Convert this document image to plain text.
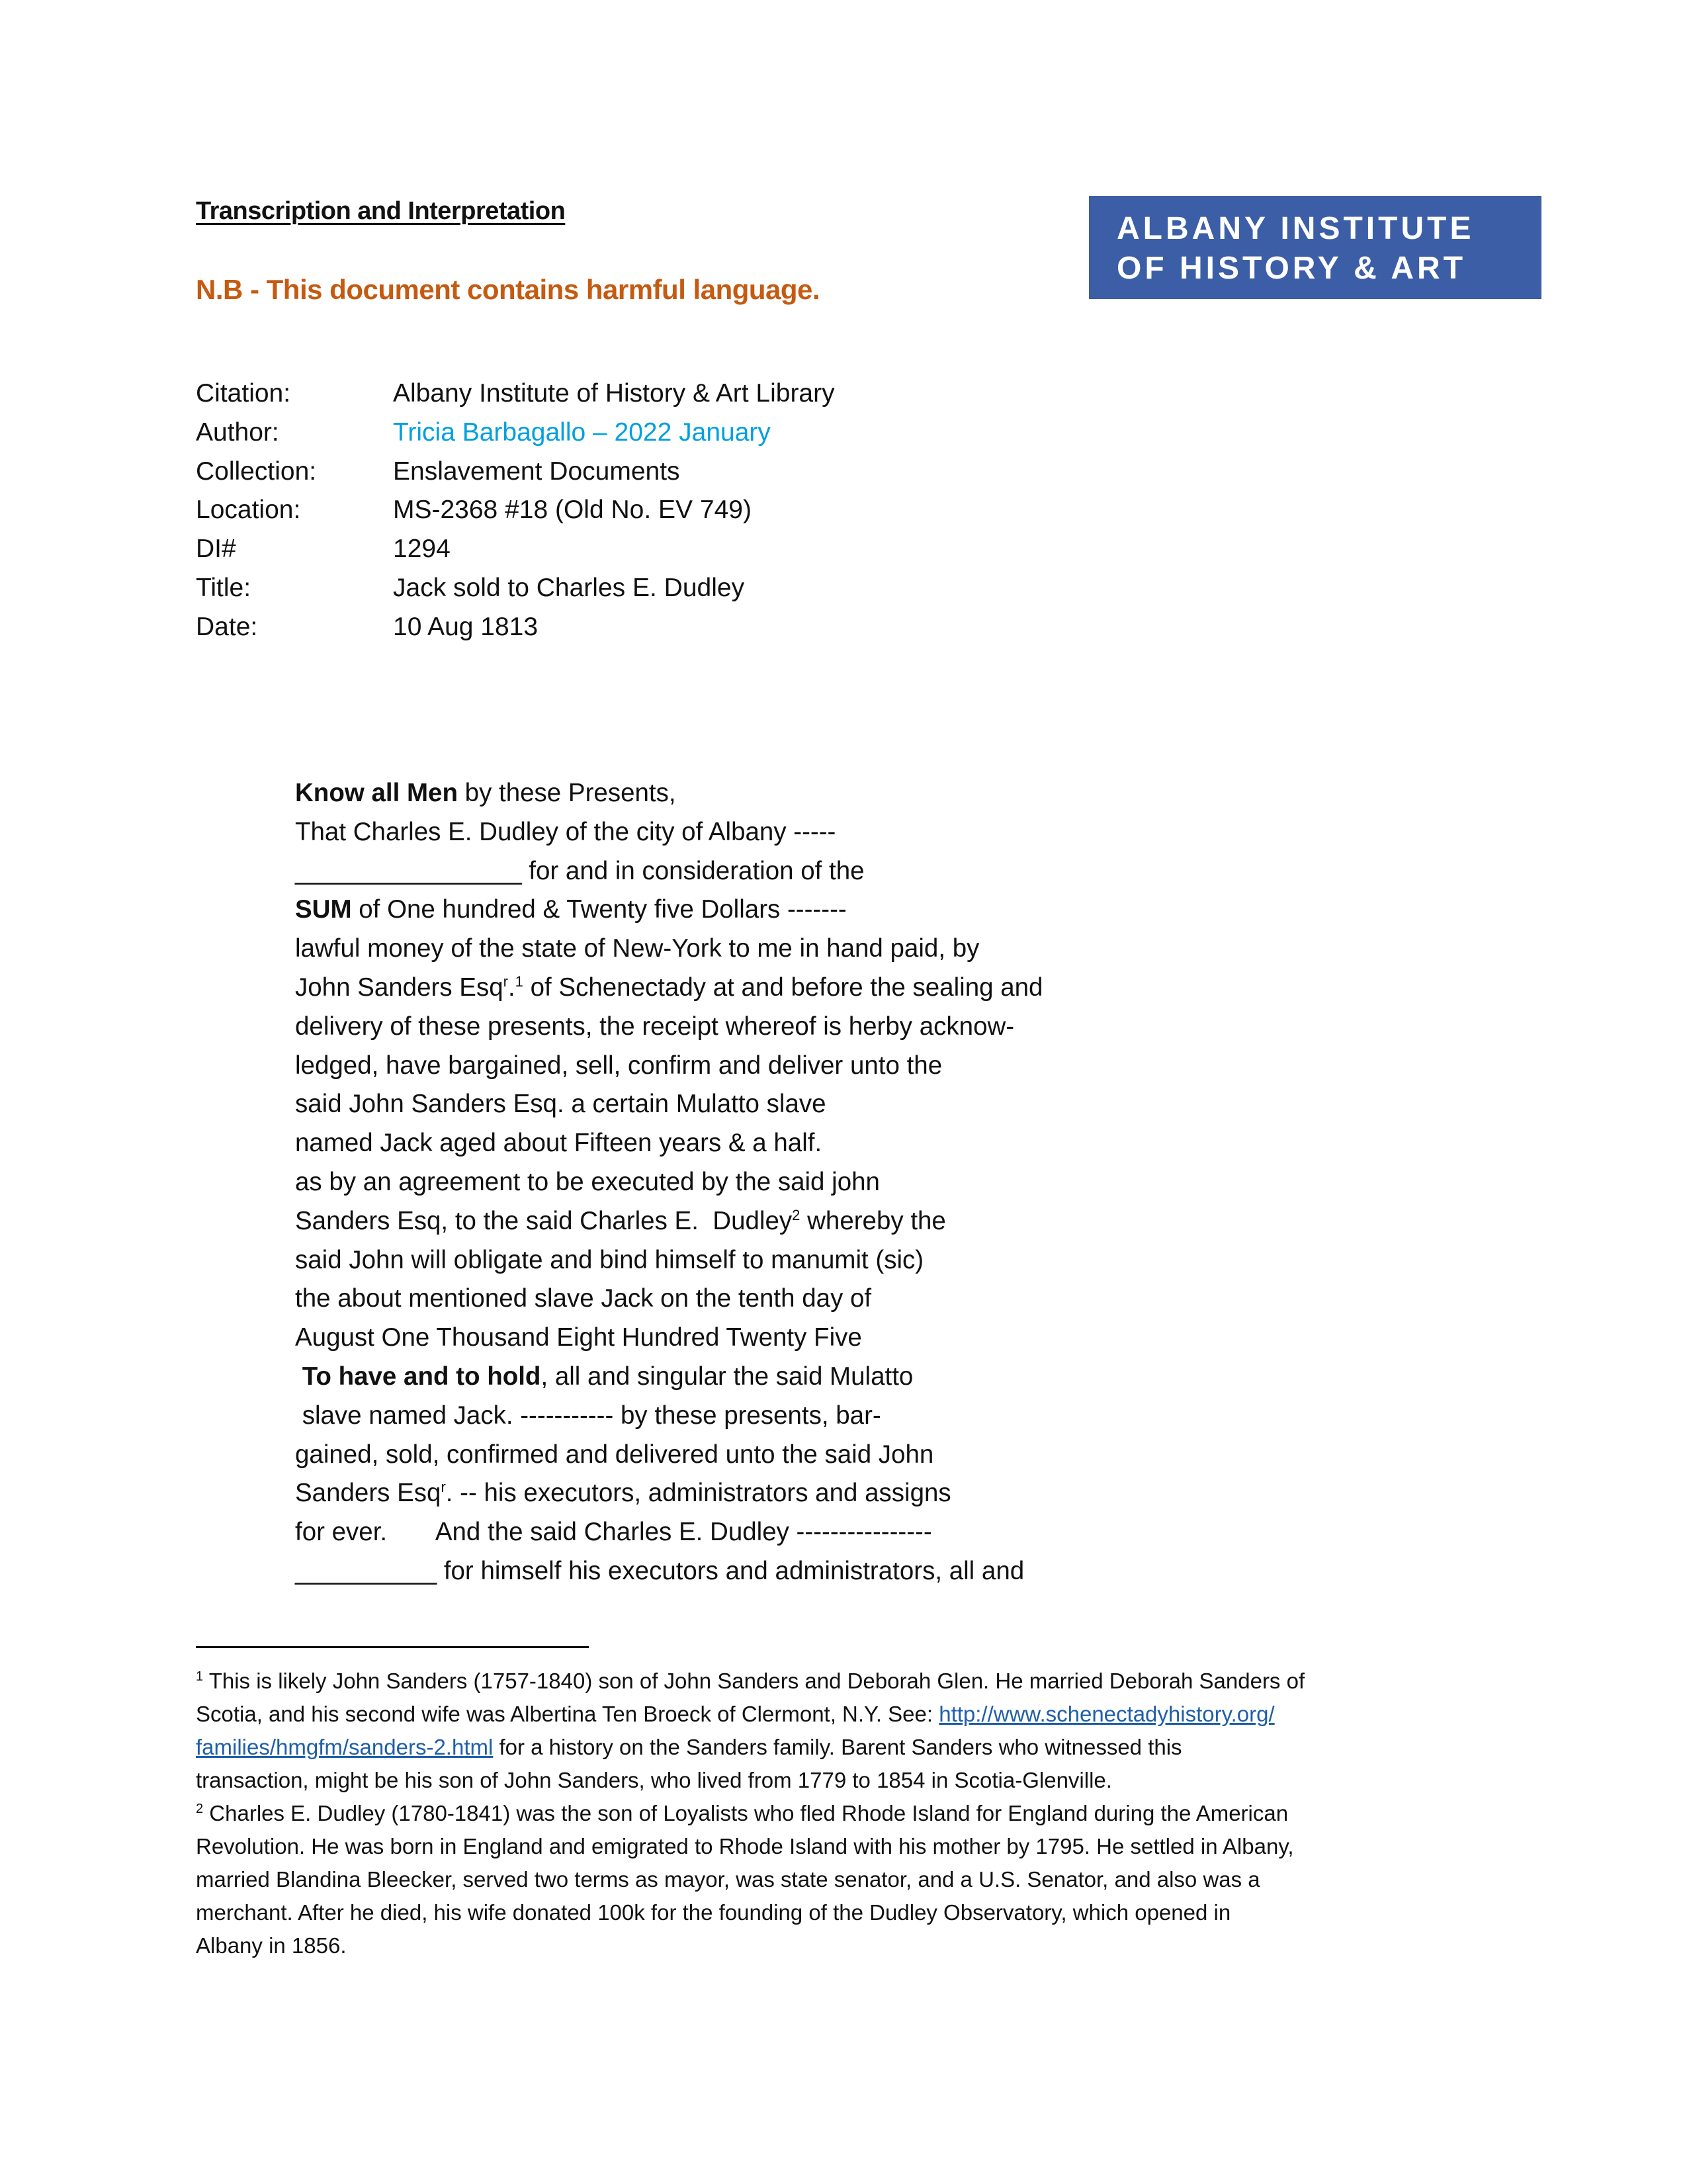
Transcription and Interpretation
N.B - This document contains harmful language.
ALBANY INSTITUTE
OF HISTORY & ART
Citation:	Albany Institute of History & Art Library
Author:	Tricia Barbagallo – 2022 January
Collection:	Enslavement Documents
Location:	MS-2368 #18 (Old No. EV 749)
DI#	1294
Title:	Jack sold to Charles E. Dudley
Date:	10 Aug 1813
Know all Men by these Presents,
That Charles E. Dudley of the city of Albany -----
________________ for and in consideration of the
SUM of One hundred & Twenty five Dollars -------
lawful money of the state of New-York to me in hand paid, by
John Sanders Esq$^r$.$^1$ of Schenectady at and before the sealing and
delivery of these presents, the receipt whereof is herby acknow-
ledged, have bargained, sell, confirm and deliver unto the
said John Sanders Esq. a certain Mulatto slave
named Jack aged about Fifteen years & a half.
as by an agreement to be executed by the said john
Sanders Esq, to the said Charles E.  Dudley$^2$ whereby the
said John will obligate and bind himself to manumit (sic)
the about mentioned slave Jack on the tenth day of
August One Thousand Eight Hundred Twenty Five
To have and to hold, all and singular the said Mulatto
slave named Jack. ----------- by these presents, bar-
gained, sold, confirmed and delivered unto the said John
Sanders Esq$^r$. -- his executors, administrators and assigns
for ever.       And the said Charles E. Dudley ----------------
__________ for himself his executors and administrators, all and
$^1$ This is likely John Sanders (1757-1840) son of John Sanders and Deborah Glen. He married Deborah Sanders of
Scotia, and his second wife was Albertina Ten Broeck of Clermont, N.Y. See: http://www.schenectadyhistory.org/
families/hmgfm/sanders-2.html for a history on the Sanders family. Barent Sanders who witnessed this
transaction, might be his son of John Sanders, who lived from 1779 to 1854 in Scotia-Glenville.
$^2$ Charles E. Dudley (1780-1841) was the son of Loyalists who fled Rhode Island for England during the American
Revolution. He was born in England and emigrated to Rhode Island with his mother by 1795. He settled in Albany,
married Blandina Bleecker, served two terms as mayor, was state senator, and a U.S. Senator, and also was a
merchant. After he died, his wife donated 100k for the founding of the Dudley Observatory, which opened in
Albany in 1856.
